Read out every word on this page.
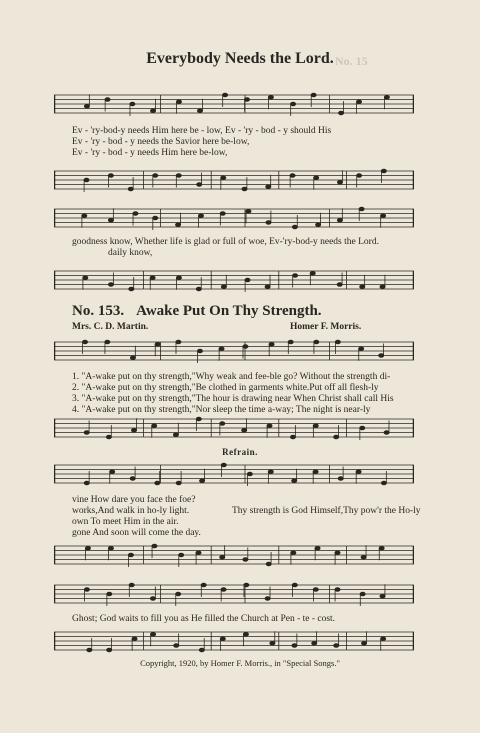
Everybody Needs the Lord. No. 15
Ev - 'ry-bod-y needs Him here be - low, Ev - 'ry - bod - y should His
Ev - 'ry - bod - y needs the Savior here be-low,
Ev - 'ry - bod - y needs Him here be-low,
goodness know, Whether life is glad or full of woe, Ev-'ry-bod-y needs the Lord.
daily know,
No. 153. Awake Put On Thy Strength.
Mrs. C. D. Martin.	Homer F. Morris.
1. "A-wake put on thy strength,"Why weak and fee-ble go? Without the strength di-
2. "A-wake put on thy strength,"Be clothed in garments white.Put off all flesh-ly
3. "A-wake put on thy strength,"The hour is drawing near When Christ shall call His
4. "A-wake put on thy strength,"Nor sleep the time a-way; The night is near-ly
Refrain.
vine How dare you face the foe?
works,And walk in ho-ly light.	Thy strength is God Himself,Thy pow'r the Ho-ly
own To meet Him in the air.
gone And soon will come the day.
Ghost; God waits to fill you as He filled the Church at Pen - te - cost.
Copyright, 1920, by Homer F. Morris., in "Special Songs."
